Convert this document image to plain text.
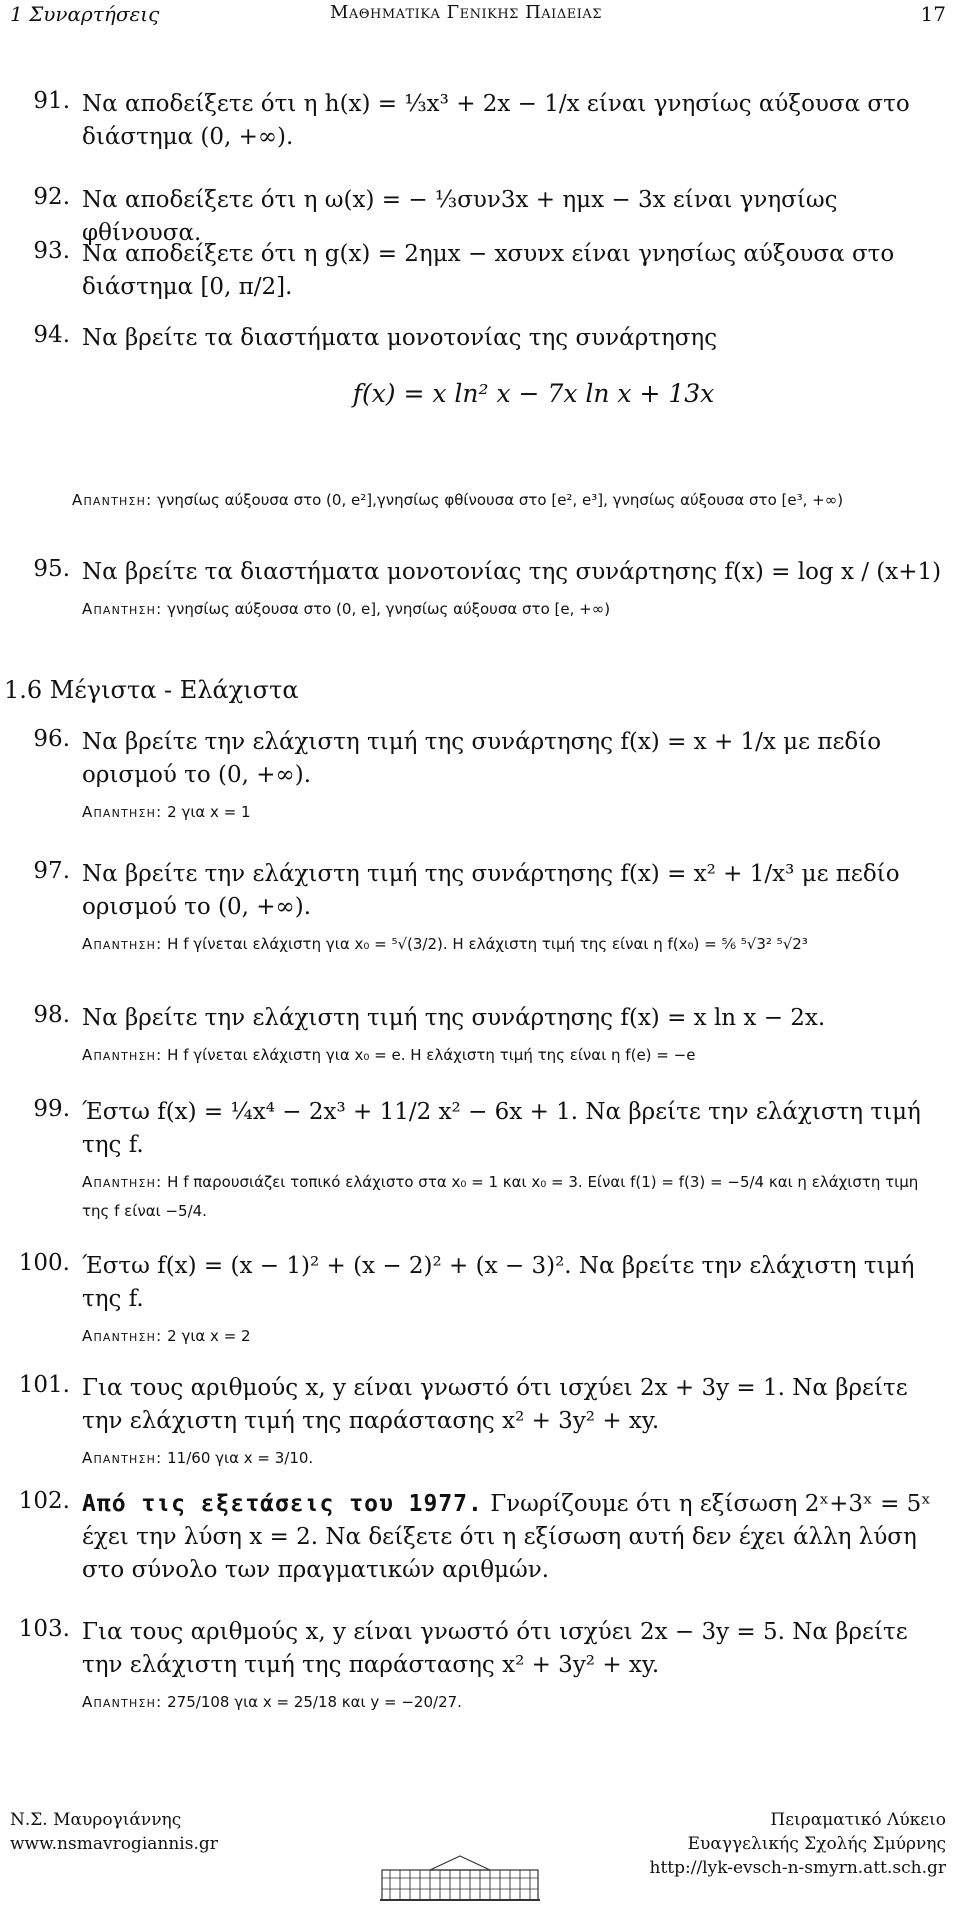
1 Συναρτήσεις	Μαθηματικα Γενικης Παιδειας	17
91. Να αποδείξετε ότι η h(x) = ⅓x³ + 2x − 1/x είναι γνησίως αύξουσα στο διάστημα (0, +∞).
92. Να αποδείξετε ότι η ω(x) = − ⅓συν3x + ημx − 3x είναι γνησίως φθίνουσα.
93. Να αποδείξετε ότι η g(x) = 2ημx − xσυνx είναι γνησίως αύξουσα στο διάστημα [0, π/2].
94. Να βρείτε τα διαστήματα μονοτονίας της συνάρτησης
f(x) = x ln² x − 7x ln x + 13x
Απαντηση: γνησίως αύξουσα στο (0, e²],γνησίως φθίνουσα στο [e², e³], γνησίως αύξουσα στο [e³, +∞)
95. Να βρείτε τα διαστήματα μονοτονίας της συνάρτησης f(x) = log x / (x+1)
Απαντηση: γνησίως αύξουσα στο (0, e], γνησίως αύξουσα στο [e, +∞)
1.6 Μέγιστα - Ελάχιστα
96. Να βρείτε την ελάχιστη τιμή της συνάρτησης f(x) = x + 1/x με πεδίο ορισμού το (0, +∞).
Απαντηση: 2 για x = 1
97. Να βρείτε την ελάχιστη τιμή της συνάρτησης f(x) = x² + 1/x³ με πεδίο ορισμού το (0, +∞).
Απαντηση: Η f γίνεται ελάχιστη για x₀ = ⁵√(3/2). Η ελάχιστη τιμή της είναι η f(x₀) = ⅚ ⁵√3² ⁵√2³
98. Να βρείτε την ελάχιστη τιμή της συνάρτησης f(x) = x ln x − 2x.
Απαντηση: Η f γίνεται ελάχιστη για x₀ = e. Η ελάχιστη τιμή της είναι η f(e) = −e
99. Έστω f(x) = ¼x⁴ − 2x³ + 11/2 x² − 6x + 1. Να βρείτε την ελάχιστη τιμή της f.
Απαντηση: Η f παρουσιάζει τοπικό ελάχιστο στα x₀ = 1 και x₀ = 3. Είναι f(1) = f(3) = −5/4 και η ελάχιστη τιμη της f είναι −5/4.
100. Έστω f(x) = (x − 1)² + (x − 2)² + (x − 3)². Να βρείτε την ελάχιστη τιμή της f.
Απαντηση: 2 για x = 2
101. Για τους αριθμούς x, y είναι γνωστό ότι ισχύει 2x + 3y = 1. Να βρείτε την ελάχιστη τιμή της παράστασης x² + 3y² + xy.
Απαντηση: 11/60 για x = 3/10.
102. Από τις εξετάσεις του 1977. Γνωρίζουμε ότι η εξίσωση 2ˣ+3ˣ = 5ˣ έχει την λύση x = 2. Να δείξετε ότι η εξίσωση αυτή δεν έχει άλλη λύση στο σύνολο των πραγματικών αριθμών.
103. Για τους αριθμούς x, y είναι γνωστό ότι ισχύει 2x − 3y = 5. Να βρείτε την ελάχιστη τιμή της παράστασης x² + 3y² + xy.
Απαντηση: 275/108 για x = 25/18 και y = −20/27.
Ν.Σ. Μαυρογιάννης
www.nsmavrogiannis.gr
Πειραματικό Λύκειο
Ευαγγελικής Σχολής Σμύρνης
http://lyk-evsch-n-smyrn.att.sch.gr
